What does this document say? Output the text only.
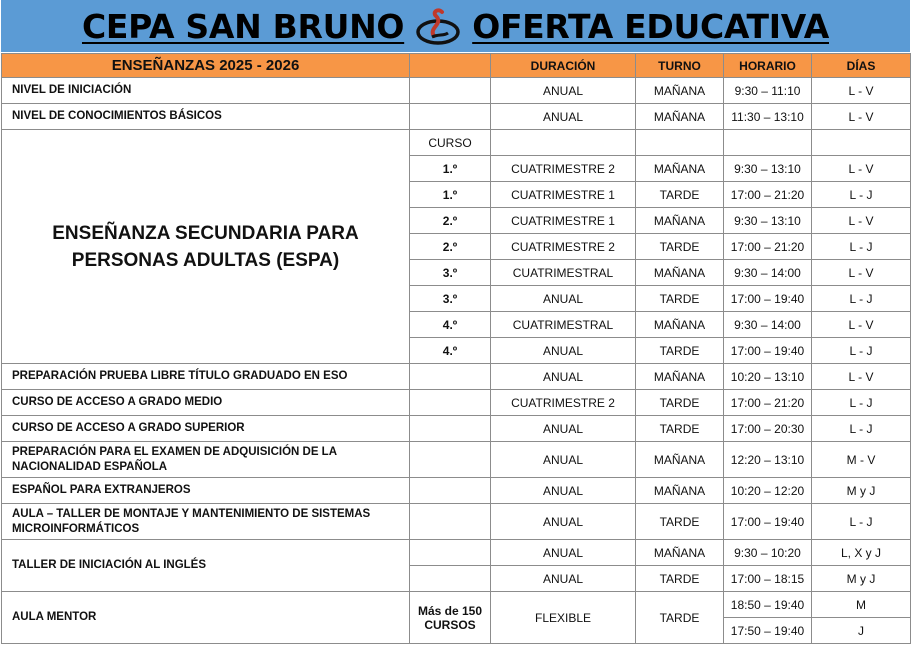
CEPA SAN BRUNO OFERTA EDUCATIVA
ENSEÑANZAS 2025 - 2026		DURACIÓN	TURNO	HORARIO	DÍAS
NIVEL DE INICIACIÓN		ANUAL	MAÑANA	9:30 – 11:10	L - V
NIVEL DE CONOCIMIENTOS BÁSICOS		ANUAL	MAÑANA	11:30 – 13:10	L - V
ENSEÑANZA SECUNDARIA PARA PERSONAS ADULTAS (ESPA)	CURSO				
	1.º	CUATRIMESTRE 2	MAÑANA	9:30 – 13:10	L - V
	1.º	CUATRIMESTRE 1	TARDE	17:00 – 21:20	L - J
	2.º	CUATRIMESTRE 1	MAÑANA	9:30 – 13:10	L - V
	2.º	CUATRIMESTRE 2	TARDE	17:00 – 21:20	L - J
	3.º	CUATRIMESTRAL	MAÑANA	9:30 – 14:00	L - V
	3.º	ANUAL	TARDE	17:00 – 19:40	L - J
	4.º	CUATRIMESTRAL	MAÑANA	9:30 – 14:00	L - V
	4.º	ANUAL	TARDE	17:00 – 19:40	L - J
PREPARACIÓN PRUEBA LIBRE TÍTULO GRADUADO EN ESO		ANUAL	MAÑANA	10:20 – 13:10	L - V
CURSO DE ACCESO A GRADO MEDIO		CUATRIMESTRE 2	TARDE	17:00 – 21:20	L - J
CURSO DE ACCESO A GRADO SUPERIOR		ANUAL	TARDE	17:00 – 20:30	L - J
PREPARACIÓN PARA EL EXAMEN DE ADQUISICIÓN DE LA NACIONALIDAD ESPAÑOLA		ANUAL	MAÑANA	12:20 – 13:10	M - V
ESPAÑOL PARA EXTRANJEROS		ANUAL	MAÑANA	10:20 – 12:20	M y J
AULA – TALLER DE MONTAJE Y MANTENIMIENTO DE SISTEMAS MICROINFORMÁTICOS		ANUAL	TARDE	17:00 – 19:40	L - J
TALLER DE INICIACIÓN AL INGLÉS		ANUAL	MAÑANA	9:30 – 10:20	L, X y J
		ANUAL	TARDE	17:00 – 18:15	M y J
AULA MENTOR	Más de 150 CURSOS	FLEXIBLE	TARDE	18:50 – 19:40	M
				17:50 – 19:40	J
